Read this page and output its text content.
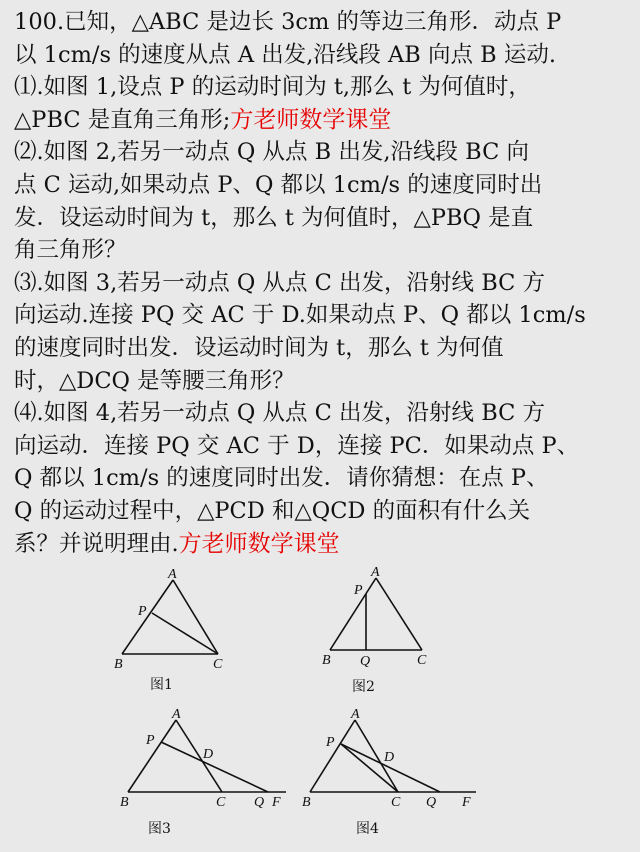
100.已知，△ABC 是边长 3cm 的等边三角形．动点 P
以 1cm/s 的速度从点 A 出发,沿线段 AB 向点 B 运动.
⑴.如图 1,设点 P 的运动时间为 t,那么 t 为何值时，
△PBC 是直角三角形;方老师数学课堂
⑵.如图 2,若另一动点 Q 从点 B 出发,沿线段 BC 向
点 C 运动,如果动点 P、Q 都以 1cm/s 的速度同时出
发．设运动时间为 t，那么 t 为何值时，△PBQ 是直
角三角形？
⑶.如图 3,若另一动点 Q 从点 C 出发，沿射线 BC 方
向运动.连接 PQ 交 AC 于 D.如果动点 P、Q 都以 1cm/s
的速度同时出发．设运动时间为 t，那么 t 为何值
时，△DCQ 是等腰三角形？
⑷.如图 4,若另一动点 Q 从点 C 出发，沿射线 BC 方
向运动．连接 PQ 交 AC 于 D，连接 PC．如果动点 P、
Q 都以 1cm/s 的速度同时出发．请你猜想：在点 P、
Q 的运动过程中，△PCD 和△QCD 的面积有什么关
系？并说明理由.方老师数学课堂
A
P
B	C
图1
A
P
B Q	C
图2
A
P
D
B	C Q F
图3
A
P
D
B	C Q F
图4
